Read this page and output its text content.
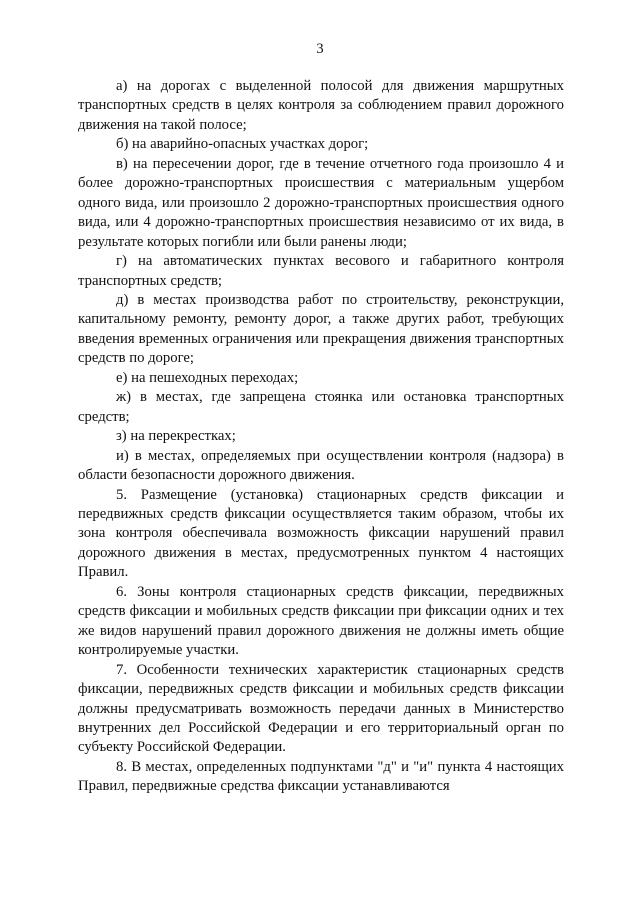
3

а) на дорогах с выделенной полосой для движения маршрутных транспортных средств в целях контроля за соблюдением правил дорожного движения на такой полосе;

б) на аварийно-опасных участках дорог;

в) на пересечении дорог, где в течение отчетного года произошло 4 и более дорожно-транспортных происшествия с материальным ущербом одного вида, или произошло 2 дорожно-транспортных происшествия одного вида, или 4 дорожно-транспортных происшествия независимо от их вида, в результате которых погибли или были ранены люди;

г) на автоматических пунктах весового и габаритного контроля транспортных средств;

д) в местах производства работ по строительству, реконструкции, капитальному ремонту, ремонту дорог, а также других работ, требующих введения временных ограничения или прекращения движения транспортных средств по дороге;

е) на пешеходных переходах;

ж) в местах, где запрещена стоянка или остановка транспортных средств;

з) на перекрестках;

и) в местах, определяемых при осуществлении контроля (надзора) в области безопасности дорожного движения.

5. Размещение (установка) стационарных средств фиксации и передвижных средств фиксации осуществляется таким образом, чтобы их зона контроля обеспечивала возможность фиксации нарушений правил дорожного движения в местах, предусмотренных пунктом 4 настоящих Правил.

6. Зоны контроля стационарных средств фиксации, передвижных средств фиксации и мобильных средств фиксации при фиксации одних и тех же видов нарушений правил дорожного движения не должны иметь общие контролируемые участки.

7. Особенности технических характеристик стационарных средств фиксации, передвижных средств фиксации и мобильных средств фиксации должны предусматривать возможность передачи данных в Министерство внутренних дел Российской Федерации и его территориальный орган по субъекту Российской Федерации.

8. В местах, определенных подпунктами "д" и "и" пункта 4 настоящих Правил, передвижные средства фиксации устанавливаются
